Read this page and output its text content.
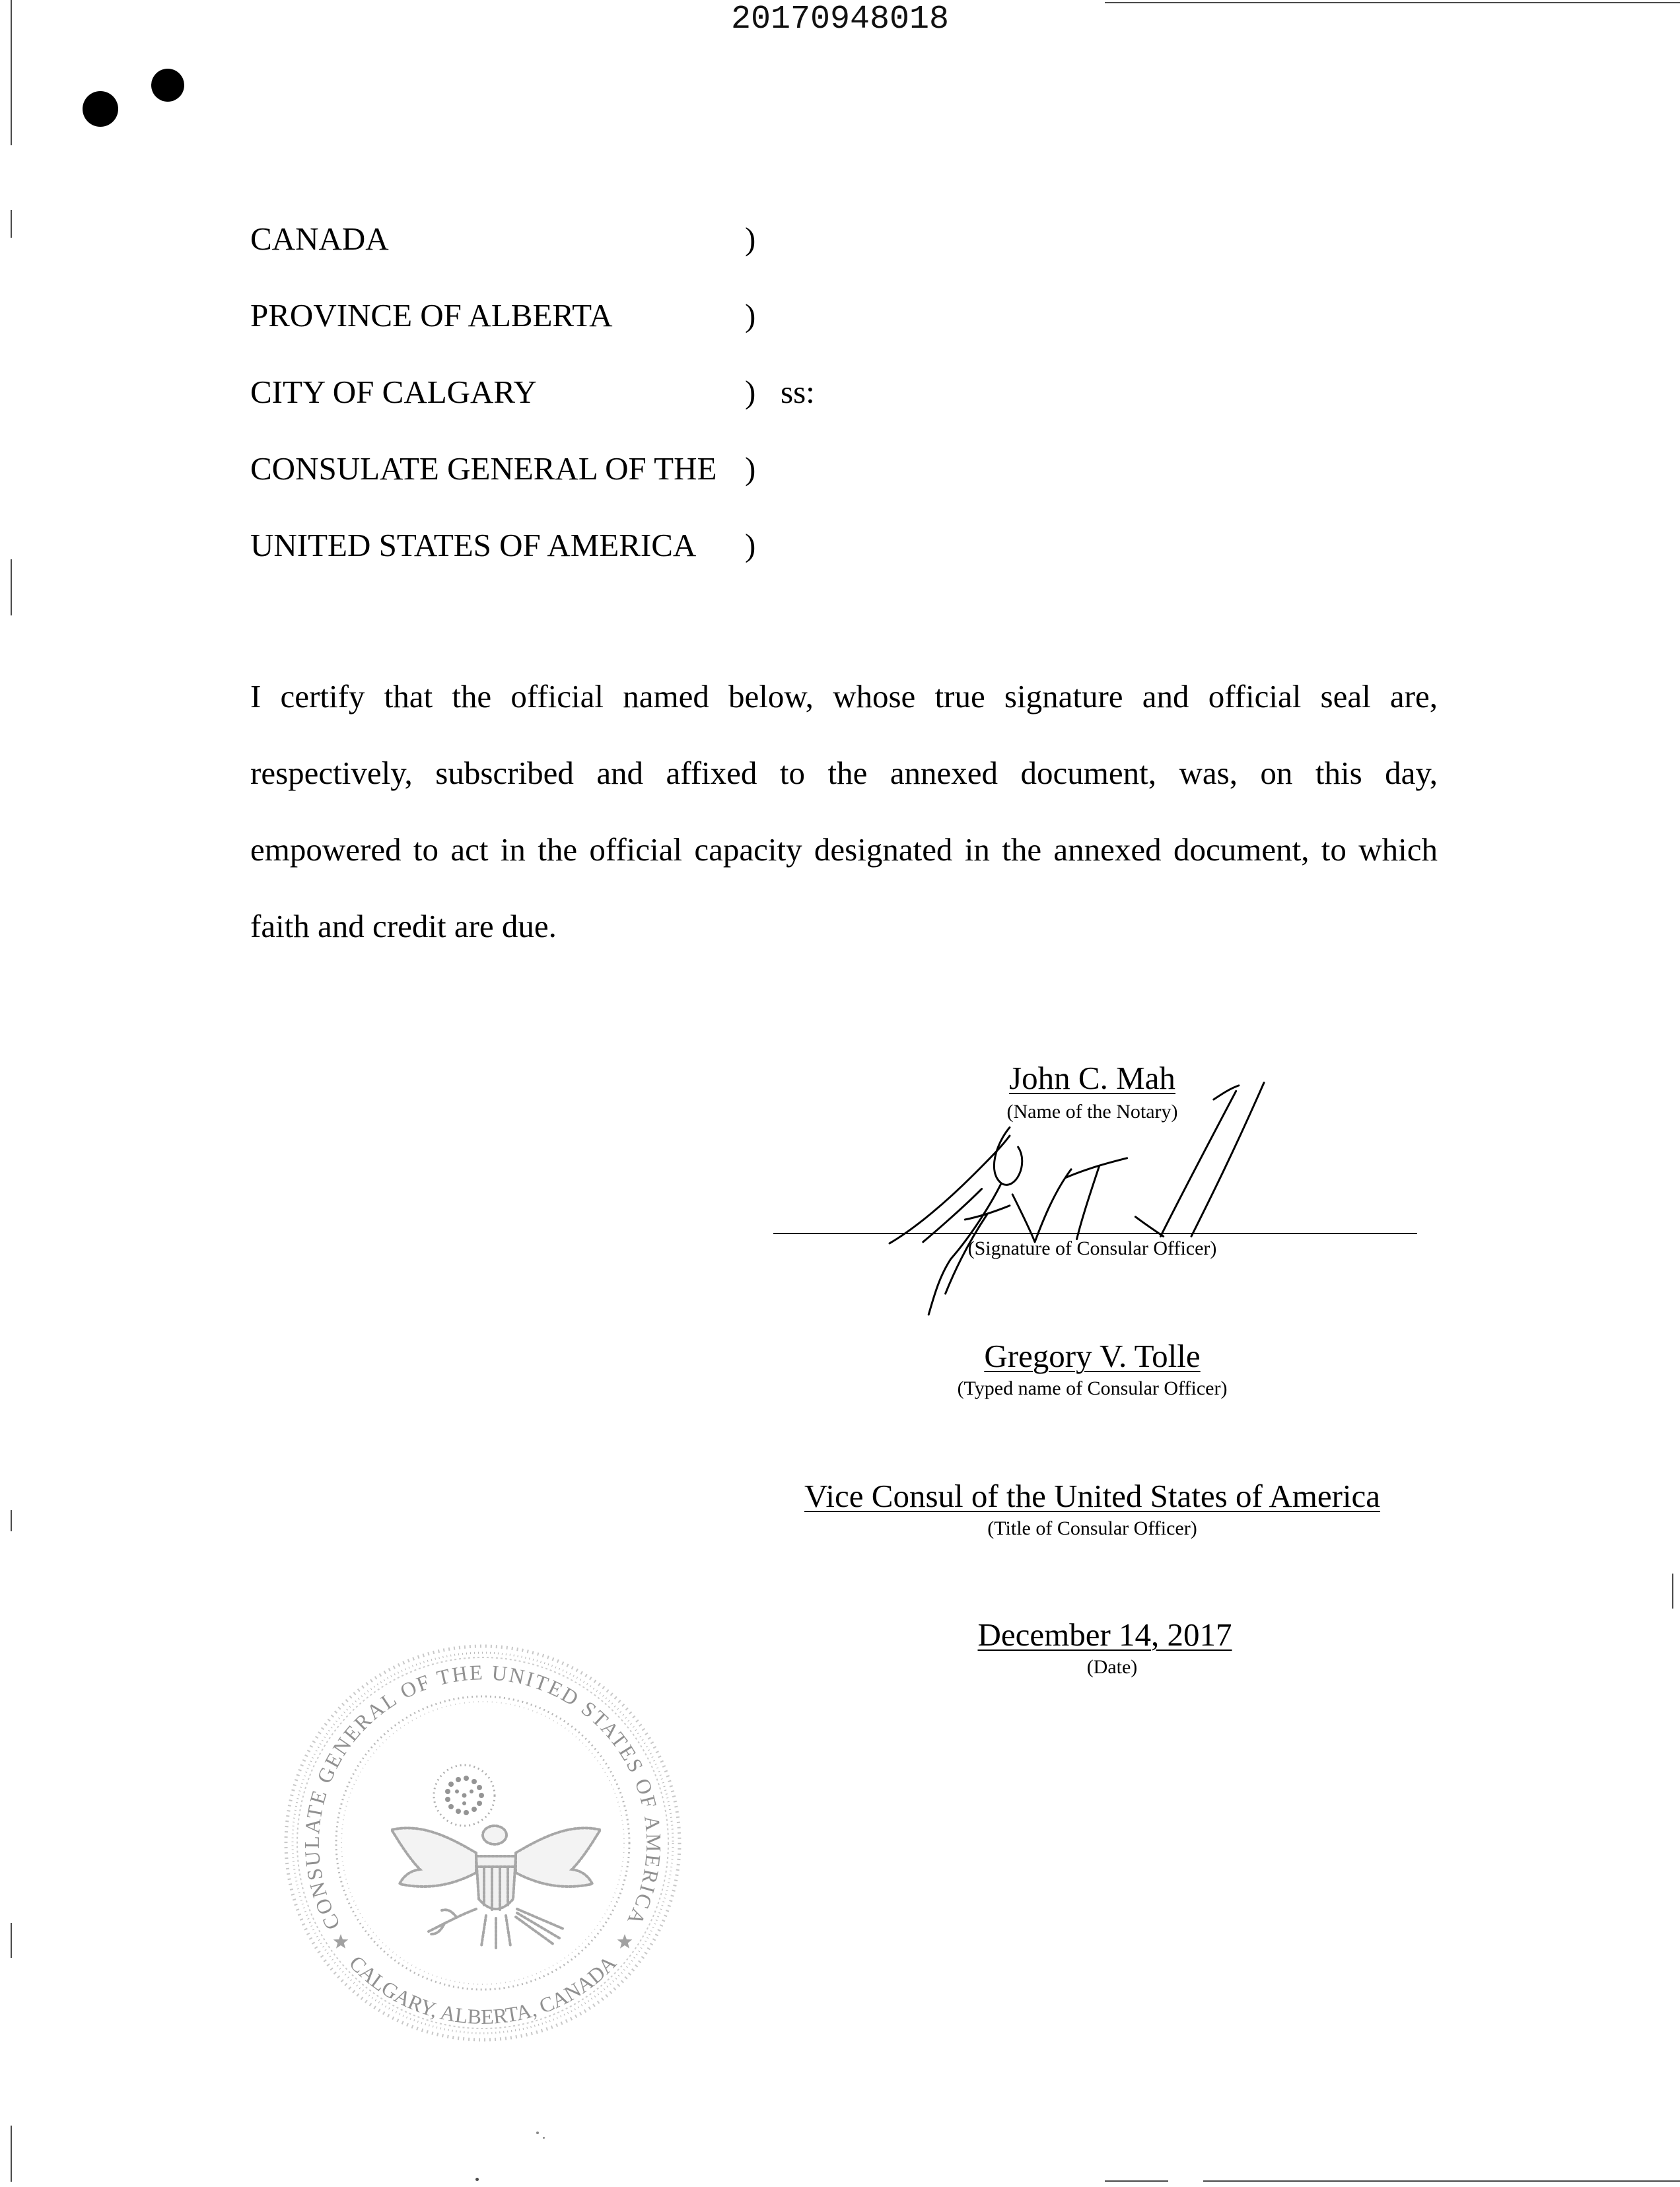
20170948018
CANADA	)
PROVINCE OF ALBERTA	)
CITY OF CALGARY	) ss:
CONSULATE GENERAL OF THE )
UNITED STATES OF AMERICA )
I certify that the official named below, whose true signature and official seal are,
respectively, subscribed and affixed to the annexed document, was, on this day,
empowered to act in the official capacity designated in the annexed document, to which
faith and credit are due.
John C. Mah
(Name of the Notary)
(Signature of Consular Officer)
Gregory V. Tolle
(Typed name of Consular Officer)
Vice Consul of the United States of America
(Title of Consular Officer)
December 14, 2017
(Date)
CONSULATE GENERAL OF THE UNITED STATES OF AMERICA
CALGARY, ALBERTA, CANADA
